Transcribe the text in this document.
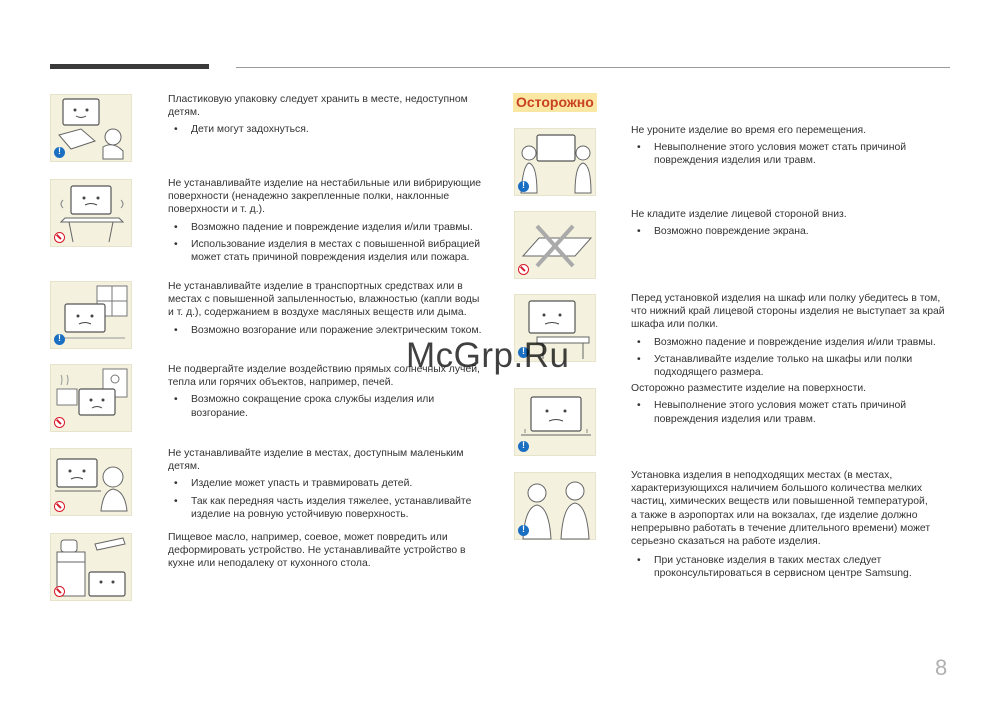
!
!

Пластиковую упаковку следует хранить в месте, недоступном

детям.

• Дети могут задохнуться.

Не устанавливайте изделие на нестабильные или вибрирующие

поверхности (ненадежно закрепленные полки, наклонные

поверхности и т. д.).

• Возможно падение и повреждение изделия и/или травмы.

• Использование изделия в местах с повышенной вибрацией

может стать причиной повреждения изделия или пожара.

Не устанавливайте изделие в транспортных средствах или в

местах с повышенной запыленностью, влажностью (капли воды

и т. д.), содержанием в воздухе масляных веществ или дыма.

• Возможно возгорание или поражение электрическим током.

Не подвергайте изделие воздействию прямых солнечных лучей,

тепла или горячих объектов, например, печей.

• Возможно сокращение срока службы изделия или

возгорание.

Не устанавливайте изделие в местах, доступным маленьким

детям.

• Изделие может упасть и травмировать детей.

• Так как передняя часть изделия тяжелее, устанавливайте

изделие на ровную устойчивую поверхность.

Пищевое масло, например, соевое, может повредить или

деформировать устройство. Не устанавливайте устройство в

кухне или неподалеку от кухонного стола.

Осторожно
!
!
!
!

Не уроните изделие во время его перемещения.

• Невыполнение этого условия может стать причиной

повреждения изделия или травм.

Не кладите изделие лицевой стороной вниз.

• Возможно повреждение экрана.

Перед установкой изделия на шкаф или полку убедитесь в том,

что нижний край лицевой стороны изделия не выступает за край

шкафа или полки.

• Возможно падение и повреждение изделия и/или травмы.

• Устанавливайте изделие только на шкафы или полки

подходящего размера.

Осторожно разместите изделие на поверхности.

• Невыполнение этого условия может стать причиной

повреждения изделия или травм.

Установка изделия в неподходящих местах (в местах,

характеризующихся наличием большого количества мелких

частиц, химических веществ или повышенной температурой,

а также в аэропортах или на вокзалах, где изделие должно

непрерывно работать в течение длительного времени) может

серьезно сказаться на работе изделия.

• При установке изделия в таких местах следует

проконсультироваться в сервисном центре Samsung.

McGrp.Ru
8
